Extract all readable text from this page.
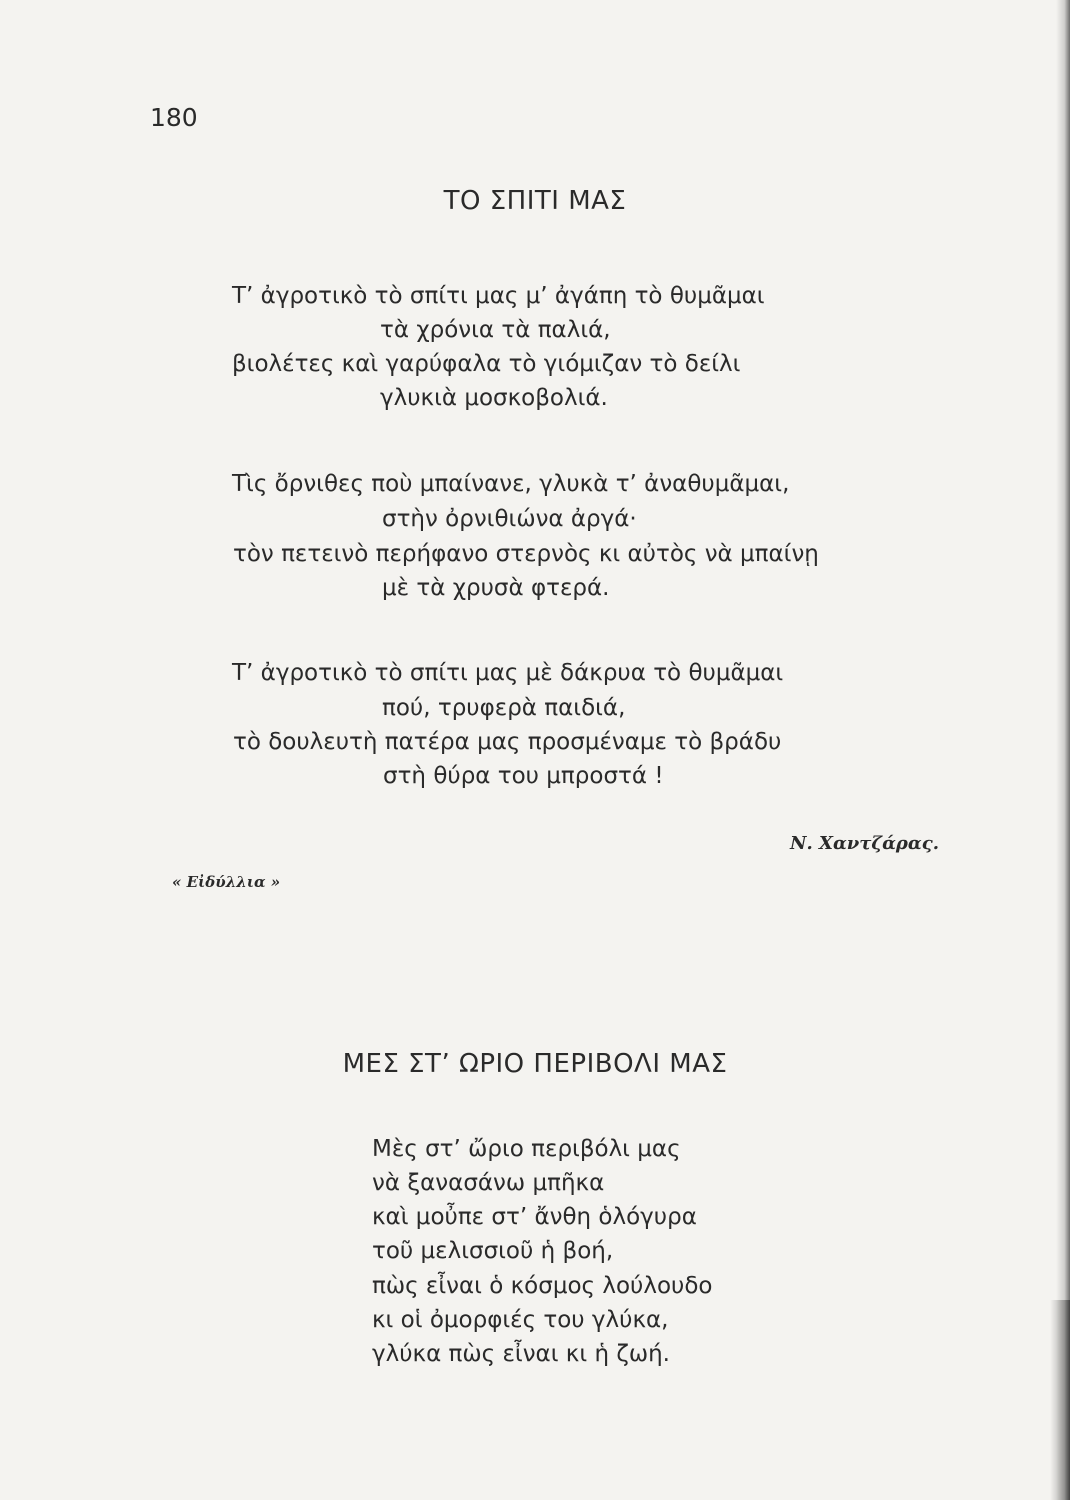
180
ΤΟ ΣΠΙΤΙ ΜΑΣ
Τ’ ἀγροτικὸ τὸ σπίτι μας μ’ ἀγάπη τὸ θυμᾶμαι
τὰ χρόνια τὰ παλιά,
βιολέτες καὶ γαρύφαλα τὸ γιόμιζαν τὸ δείλι
γλυκιὰ μοσκοβολιά.
Τὶς ὄρνιθες ποὺ μπαίνανε, γλυκὰ τ’ ἀναθυμᾶμαι,
στὴν ὀρνιθιώνα ἀργά·
τὸν πετεινὸ περήφανο στερνὸς κι αὐτὸς νὰ μπαίνῃ
μὲ τὰ χρυσὰ φτερά.
Τ’ ἀγροτικὸ τὸ σπίτι μας μὲ δάκρυα τὸ θυμᾶμαι
πού, τρυφερὰ παιδιά,
τὸ δουλευτὴ πατέρα μας προσμέναμε τὸ βράδυ
στὴ θύρα του μπροστά !
Ν. Χαντζάρας.
« Εἰδύλλια »
ΜΕΣ ΣΤ’ ΩΡΙΟ ΠΕΡΙΒΟΛΙ ΜΑΣ
Μὲς στ’ ὤριο περιβόλι μας
νὰ ξανασάνω μπῆκα
καὶ μοὖπε στ’ ἄνθη ὁλόγυρα
τοῦ μελισσιοῦ ἡ βοή,
πὼς εἶναι ὁ κόσμος λούλουδο
κι οἱ ὀμορφιές του γλύκα,
γλύκα πὼς εἶναι κι ἡ ζωή.
